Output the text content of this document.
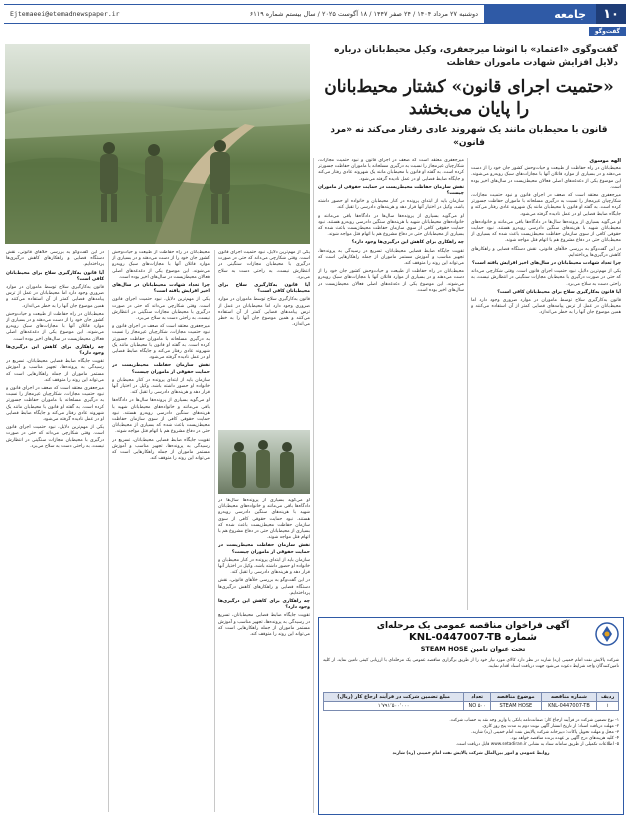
۱۰
جامعه
دوشنبه ۲۷ مرداد ۱۴۰۴ / ۲۴ صفر ۱۴۴۷ / ۱۸ آگوست ۲۰۲۵ / سال بیستم شماره ۶۱۱۹
Ejtemaeei@etemadnewspaper.ir
گفت‌وگو
گفت‌وگوی «اعتماد» با انوشا میرجعفری، وکیل محیط‌بانان درباره دلایل افزایش شهادت ماموران حفاظت
«حتمیت اجرای قانون» کشتار محیط‌بانان را پایان می‌بخشد
قانون با محیط‌بان مانند یک شهروند عادی رفتار می‌کند نه «مرد قانون»

الهه موسوی

محیط‌بانان در راه حفاظت از طبیعت و حیات‌وحش کشور جان خود را از دست می‌دهند و در بسیاری از موارد قاتلان آنها با مجازات‌های سبک روبه‌رو می‌شوند. این موضوع یکی از دغدغه‌های اصلی فعالان محیط‌زیست در سال‌های اخیر بوده است.

میرجعفری معتقد است که ضعف در اجرای قانون و نبود حتمیت مجازات، شکارچیان غیرمجاز را نسبت به درگیری مسلحانه با ماموران حفاظت جسورتر کرده است. به گفته او قانون با محیط‌بان مانند یک شهروند عادی رفتار می‌کند و جایگاه ضابط قضایی او در عمل نادیده گرفته می‌شود.

او می‌گوید بسیاری از پرونده‌ها سال‌ها در دادگاه‌ها باقی می‌مانند و خانواده‌های محیط‌بانان شهید با هزینه‌های سنگین دادرسی روبه‌رو هستند. نبود حمایت حقوقی کافی از سوی سازمان حفاظت محیط‌زیست باعث شده که بسیاری از محیط‌بانان حتی در دفاع مشروع هم با اتهام قتل مواجه شوند.

در این گفت‌وگو به بررسی خلأهای قانونی، نقش دستگاه قضایی و راهکارهای کاهش درگیری‌ها پرداخته‌ایم.

چرا تعداد شهادت محیط‌بانان در سال‌های اخیر افزایش یافته است؟

یکی از مهم‌ترین دلایل، نبود حتمیت اجرای قانون است. وقتی شکارچی می‌داند که حتی در صورت درگیری با محیط‌بان مجازات سنگینی در انتظارش نیست، به راحتی دست به سلاح می‌برد.

آیا قانون به‌کارگیری سلاح برای محیط‌بانان کافی است؟

قانون به‌کارگیری سلاح توسط ماموران در موارد ضروری وجود دارد اما محیط‌بانان در عمل از ترس پیامدهای قضایی کمتر از آن استفاده می‌کنند و همین موضوع جان آنها را به خطر می‌اندازد.

میرجعفری معتقد است که ضعف در اجرای قانون و نبود حتمیت مجازات، شکارچیان غیرمجاز را نسبت به درگیری مسلحانه با ماموران حفاظت جسورتر کرده است. به گفته او قانون با محیط‌بان مانند یک شهروند عادی رفتار می‌کند و جایگاه ضابط قضایی او در عمل نادیده گرفته می‌شود.

نقش سازمان حفاظت محیط‌زیست در حمایت حقوقی از ماموران چیست؟

سازمان باید از ابتدای پرونده در کنار محیط‌بان و خانواده او حضور داشته باشد، وکیل در اختیار آنها قرار دهد و هزینه‌های دادرسی را تقبل کند.

او می‌گوید بسیاری از پرونده‌ها سال‌ها در دادگاه‌ها باقی می‌مانند و خانواده‌های محیط‌بانان شهید با هزینه‌های سنگین دادرسی روبه‌رو هستند. نبود حمایت حقوقی کافی از سوی سازمان حفاظت محیط‌زیست باعث شده که بسیاری از محیط‌بانان حتی در دفاع مشروع هم با اتهام قتل مواجه شوند.

چه راهکاری برای کاهش این درگیری‌ها وجود دارد؟

تقویت جایگاه ضابط قضایی محیط‌بانان، تسریع در رسیدگی به پرونده‌ها، تجهیز مناسب و آموزش مستمر ماموران از جمله راهکارهایی است که می‌تواند این روند را متوقف کند.

محیط‌بانان در راه حفاظت از طبیعت و حیات‌وحش کشور جان خود را از دست می‌دهند و در بسیاری از موارد قاتلان آنها با مجازات‌های سبک روبه‌رو می‌شوند. این موضوع یکی از دغدغه‌های اصلی فعالان محیط‌زیست در سال‌های اخیر بوده است.

یکی از مهم‌ترین دلایل، نبود حتمیت اجرای قانون است. وقتی شکارچی می‌داند که حتی در صورت درگیری با محیط‌بان مجازات سنگینی در انتظارش نیست، به راحتی دست به سلاح می‌برد.

آیا قانون به‌کارگیری سلاح برای محیط‌بانان کافی است؟

قانون به‌کارگیری سلاح توسط ماموران در موارد ضروری وجود دارد اما محیط‌بانان در عمل از ترس پیامدهای قضایی کمتر از آن استفاده می‌کنند و همین موضوع جان آنها را به خطر می‌اندازد.

او می‌گوید بسیاری از پرونده‌ها سال‌ها در دادگاه‌ها باقی می‌مانند و خانواده‌های محیط‌بانان شهید با هزینه‌های سنگین دادرسی روبه‌رو هستند. نبود حمایت حقوقی کافی از سوی سازمان حفاظت محیط‌زیست باعث شده که بسیاری از محیط‌بانان حتی در دفاع مشروع هم با اتهام قتل مواجه شوند.

نقش سازمان حفاظت محیط‌زیست در حمایت حقوقی از ماموران چیست؟

سازمان باید از ابتدای پرونده در کنار محیط‌بان و خانواده او حضور داشته باشد، وکیل در اختیار آنها قرار دهد و هزینه‌های دادرسی را تقبل کند.

در این گفت‌وگو به بررسی خلأهای قانونی، نقش دستگاه قضایی و راهکارهای کاهش درگیری‌ها پرداخته‌ایم.

چه راهکاری برای کاهش این درگیری‌ها وجود دارد؟

تقویت جایگاه ضابط قضایی محیط‌بانان، تسریع در رسیدگی به پرونده‌ها، تجهیز مناسب و آموزش مستمر ماموران از جمله راهکارهایی است که می‌تواند این روند را متوقف کند.

محیط‌بانان در راه حفاظت از طبیعت و حیات‌وحش کشور جان خود را از دست می‌دهند و در بسیاری از موارد قاتلان آنها با مجازات‌های سبک روبه‌رو می‌شوند. این موضوع یکی از دغدغه‌های اصلی فعالان محیط‌زیست در سال‌های اخیر بوده است.

چرا تعداد شهادت محیط‌بانان در سال‌های اخیر افزایش یافته است؟

یکی از مهم‌ترین دلایل، نبود حتمیت اجرای قانون است. وقتی شکارچی می‌داند که حتی در صورت درگیری با محیط‌بان مجازات سنگینی در انتظارش نیست، به راحتی دست به سلاح می‌برد.

میرجعفری معتقد است که ضعف در اجرای قانون و نبود حتمیت مجازات، شکارچیان غیرمجاز را نسبت به درگیری مسلحانه با ماموران حفاظت جسورتر کرده است. به گفته او قانون با محیط‌بان مانند یک شهروند عادی رفتار می‌کند و جایگاه ضابط قضایی او در عمل نادیده گرفته می‌شود.

نقش سازمان حفاظت محیط‌زیست در حمایت حقوقی از ماموران چیست؟

سازمان باید از ابتدای پرونده در کنار محیط‌بان و خانواده او حضور داشته باشد، وکیل در اختیار آنها قرار دهد و هزینه‌های دادرسی را تقبل کند.

او می‌گوید بسیاری از پرونده‌ها سال‌ها در دادگاه‌ها باقی می‌مانند و خانواده‌های محیط‌بانان شهید با هزینه‌های سنگین دادرسی روبه‌رو هستند. نبود حمایت حقوقی کافی از سوی سازمان حفاظت محیط‌زیست باعث شده که بسیاری از محیط‌بانان حتی در دفاع مشروع هم با اتهام قتل مواجه شوند.

تقویت جایگاه ضابط قضایی محیط‌بانان، تسریع در رسیدگی به پرونده‌ها، تجهیز مناسب و آموزش مستمر ماموران از جمله راهکارهایی است که می‌تواند این روند را متوقف کند.

در این گفت‌وگو به بررسی خلأهای قانونی، نقش دستگاه قضایی و راهکارهای کاهش درگیری‌ها پرداخته‌ایم.

آیا قانون به‌کارگیری سلاح برای محیط‌بانان کافی است؟

قانون به‌کارگیری سلاح توسط ماموران در موارد ضروری وجود دارد اما محیط‌بانان در عمل از ترس پیامدهای قضایی کمتر از آن استفاده می‌کنند و همین موضوع جان آنها را به خطر می‌اندازد.

محیط‌بانان در راه حفاظت از طبیعت و حیات‌وحش کشور جان خود را از دست می‌دهند و در بسیاری از موارد قاتلان آنها با مجازات‌های سبک روبه‌رو می‌شوند. این موضوع یکی از دغدغه‌های اصلی فعالان محیط‌زیست در سال‌های اخیر بوده است.

چه راهکاری برای کاهش این درگیری‌ها وجود دارد؟

تقویت جایگاه ضابط قضایی محیط‌بانان، تسریع در رسیدگی به پرونده‌ها، تجهیز مناسب و آموزش مستمر ماموران از جمله راهکارهایی است که می‌تواند این روند را متوقف کند.

میرجعفری معتقد است که ضعف در اجرای قانون و نبود حتمیت مجازات، شکارچیان غیرمجاز را نسبت به درگیری مسلحانه با ماموران حفاظت جسورتر کرده است. به گفته او قانون با محیط‌بان مانند یک شهروند عادی رفتار می‌کند و جایگاه ضابط قضایی او در عمل نادیده گرفته می‌شود.

یکی از مهم‌ترین دلایل، نبود حتمیت اجرای قانون است. وقتی شکارچی می‌داند که حتی در صورت درگیری با محیط‌بان مجازات سنگینی در انتظارش نیست، به راحتی دست به سلاح می‌برد.

آگهی فراخوان مناقصه عمومی یک مرحله‌ای
شماره KNL-0447007-TB
تحت عنوان تامین STEAM HOSE
شرکت پالایش نفت امام خمینی (ره) شازند در نظر دارد کالای مورد نیاز خود را از طریق برگزاری مناقصه عمومی یک مرحله‌ای با ارزیابی کیفی تامین نماید. از کلیه تامین‌کنندگان واجد شرایط دعوت می‌شود جهت دریافت اسناد اقدام نمایند.
ردیف	شماره مناقصه	موضوع مناقصه	تعداد	مبلغ تضمین شرکت در فرآیند ارجاع کار (ریال)
۱	KNL-0447007-TB	STEAM HOSE	۵۰۰ NO	۱٬۷۹۱٬۵۰۰٬۰۰۰
۱- نوع تضمین شرکت در فرآیند ارجاع کار: ضمانت‌نامه بانکی یا واریز وجه نقد به حساب شرکت.
۲- مهلت دریافت اسناد: از تاریخ انتشار آگهی نوبت دوم به مدت پنج روز کاری.
۳- محل و مهلت تحویل پاکات: دبیرخانه شرکت پالایش نفت امام خمینی (ره) شازند.
۴- کلیه هزینه‌های درج آگهی بر عهده برنده مناقصه خواهد بود.
۵- اطلاعات تکمیلی از طریق سامانه ستاد به نشانی www.setadiran.ir قابل دریافت است.
روابط عمومی و امور بین‌الملل شرکت پالایش نفت امام خمینی (ره) شازند
